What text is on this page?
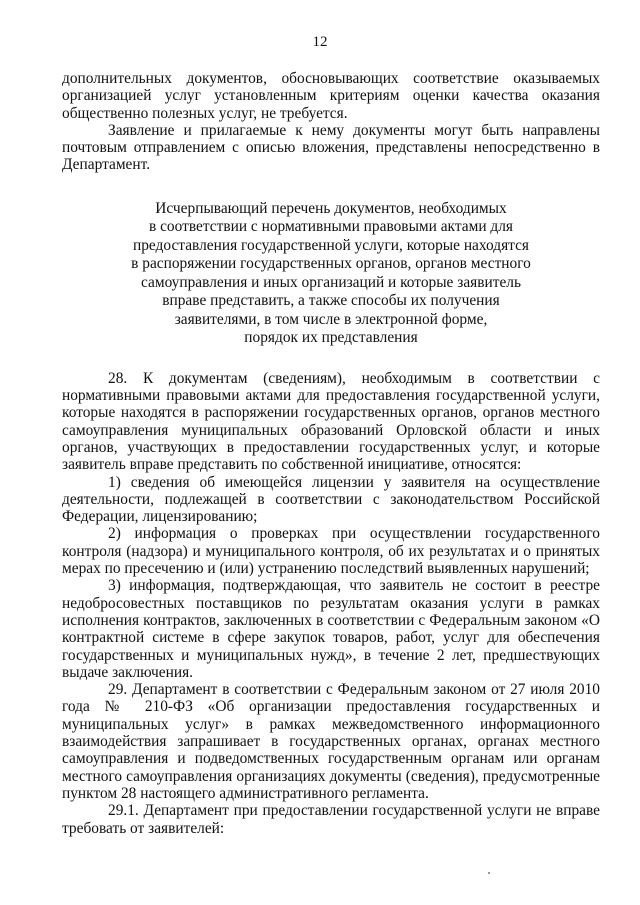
12

дополнительных документов, обосновывающих соответствие оказываемых организацией услуг установленным критериям оценки качества оказания общественно полезных услуг, не требуется.

Заявление и прилагаемые к нему документы могут быть направлены почтовым отправлением с описью вложения, представлены непосредственно в Департамент.

Исчерпывающий перечень документов, необходимых
в соответствии с нормативными правовыми актами для
предоставления государственной услуги, которые находятся
в распоряжении государственных органов, органов местного
самоуправления и иных организаций и которые заявитель
вправе представить, а также способы их получения
заявителями, в том числе в электронной форме,
порядок их представления

28. К документам (сведениям), необходимым в соответствии с нормативными правовыми актами для предоставления государственной услуги, которые находятся в распоряжении государственных органов, органов местного самоуправления муниципальных образований Орловской области и иных органов, участвующих в предоставлении государственных услуг, и которые заявитель вправе представить по собственной инициативе, относятся:

1) сведения об имеющейся лицензии у заявителя на осуществление деятельности, подлежащей в соответствии с законодательством Российской Федерации, лицензированию;

2) информация о проверках при осуществлении государственного контроля (надзора) и муниципального контроля, об их результатах и о принятых мерах по пресечению и (или) устранению последствий выявленных нарушений;

3) информация, подтверждающая, что заявитель не состоит в реестре недобросовестных поставщиков по результатам оказания услуги в рамках исполнения контрактов, заключенных в соответствии с Федеральным законом «О контрактной системе в сфере закупок товаров, работ, услуг для обеспечения государственных и муниципальных нужд», в течение 2 лет, предшествующих выдаче заключения.

29. Департамент в соответствии с Федеральным законом от 27 июля 2010 года № 210-ФЗ «Об организации предоставления государственных и муниципальных услуг» в рамках межведомственного информационного взаимодействия запрашивает в государственных органах, органах местного самоуправления и подведомственных государственным органам или органам местного самоуправления организациях документы (сведения), предусмотренные пунктом 28 настоящего административного регламента.

29.1. Департамент при предоставлении государственной услуги не вправе требовать от заявителей:
